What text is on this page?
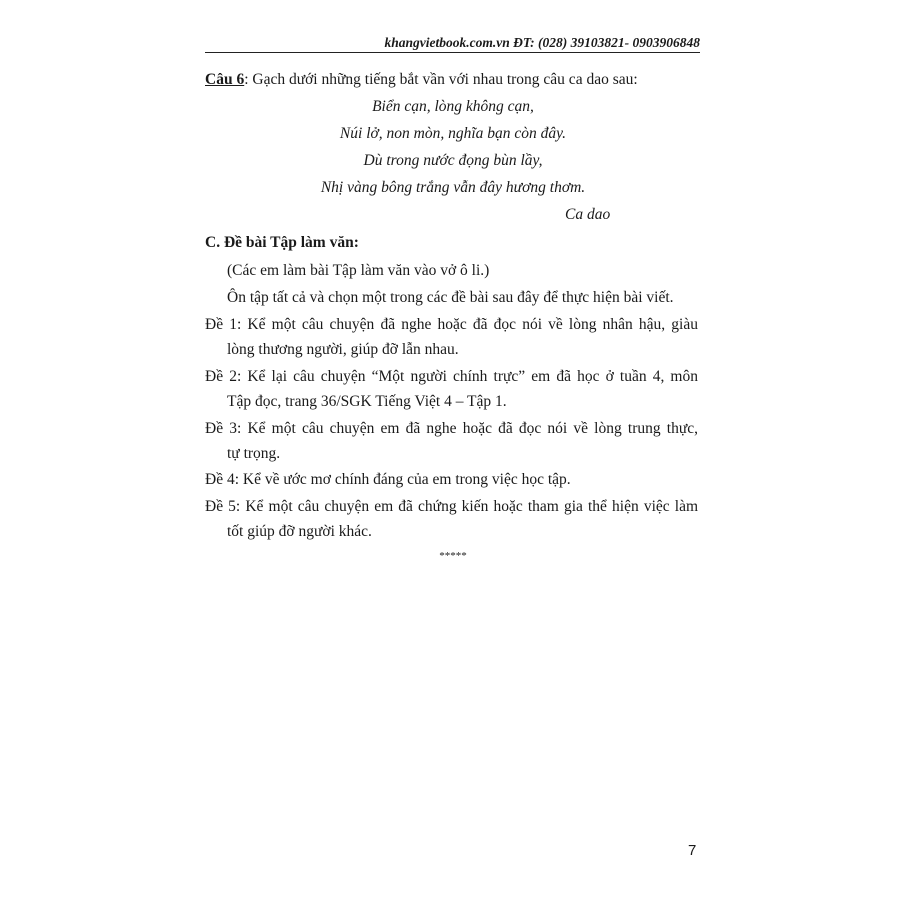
khangvietbook.com.vn ĐT: (028) 39103821- 0903906848
Câu 6: Gạch dưới những tiếng bắt vần với nhau trong câu ca dao sau:
Biển cạn, lòng không cạn,
Núi lở, non mòn, nghĩa bạn còn đây.
Dù trong nước đọng bùn lầy,
Nhị vàng bông trắng vẫn đây hương thơm.
Ca dao
C. Đề bài Tập làm văn:
(Các em làm bài Tập làm văn vào vở ô li.)
Ôn tập tất cả và chọn một trong các đề bài sau đây để thực hiện bài viết.
Đề 1: Kể một câu chuyện đã nghe hoặc đã đọc nói về lòng nhân hậu, giàu
lòng thương người, giúp đỡ lẫn nhau.
Đề 2: Kể lại câu chuyện “Một người chính trực” em đã học ở tuần 4, môn
Tập đọc, trang 36/SGK Tiếng Việt 4 – Tập 1.
Đề 3: Kể một câu chuyện em đã nghe hoặc đã đọc nói về lòng trung thực,
tự trọng.
Đề 4: Kể về ước mơ chính đáng của em trong việc học tập.
Đề 5: Kể một câu chuyện em đã chứng kiến hoặc tham gia thể hiện việc làm
tốt giúp đỡ người khác.
*****
7
